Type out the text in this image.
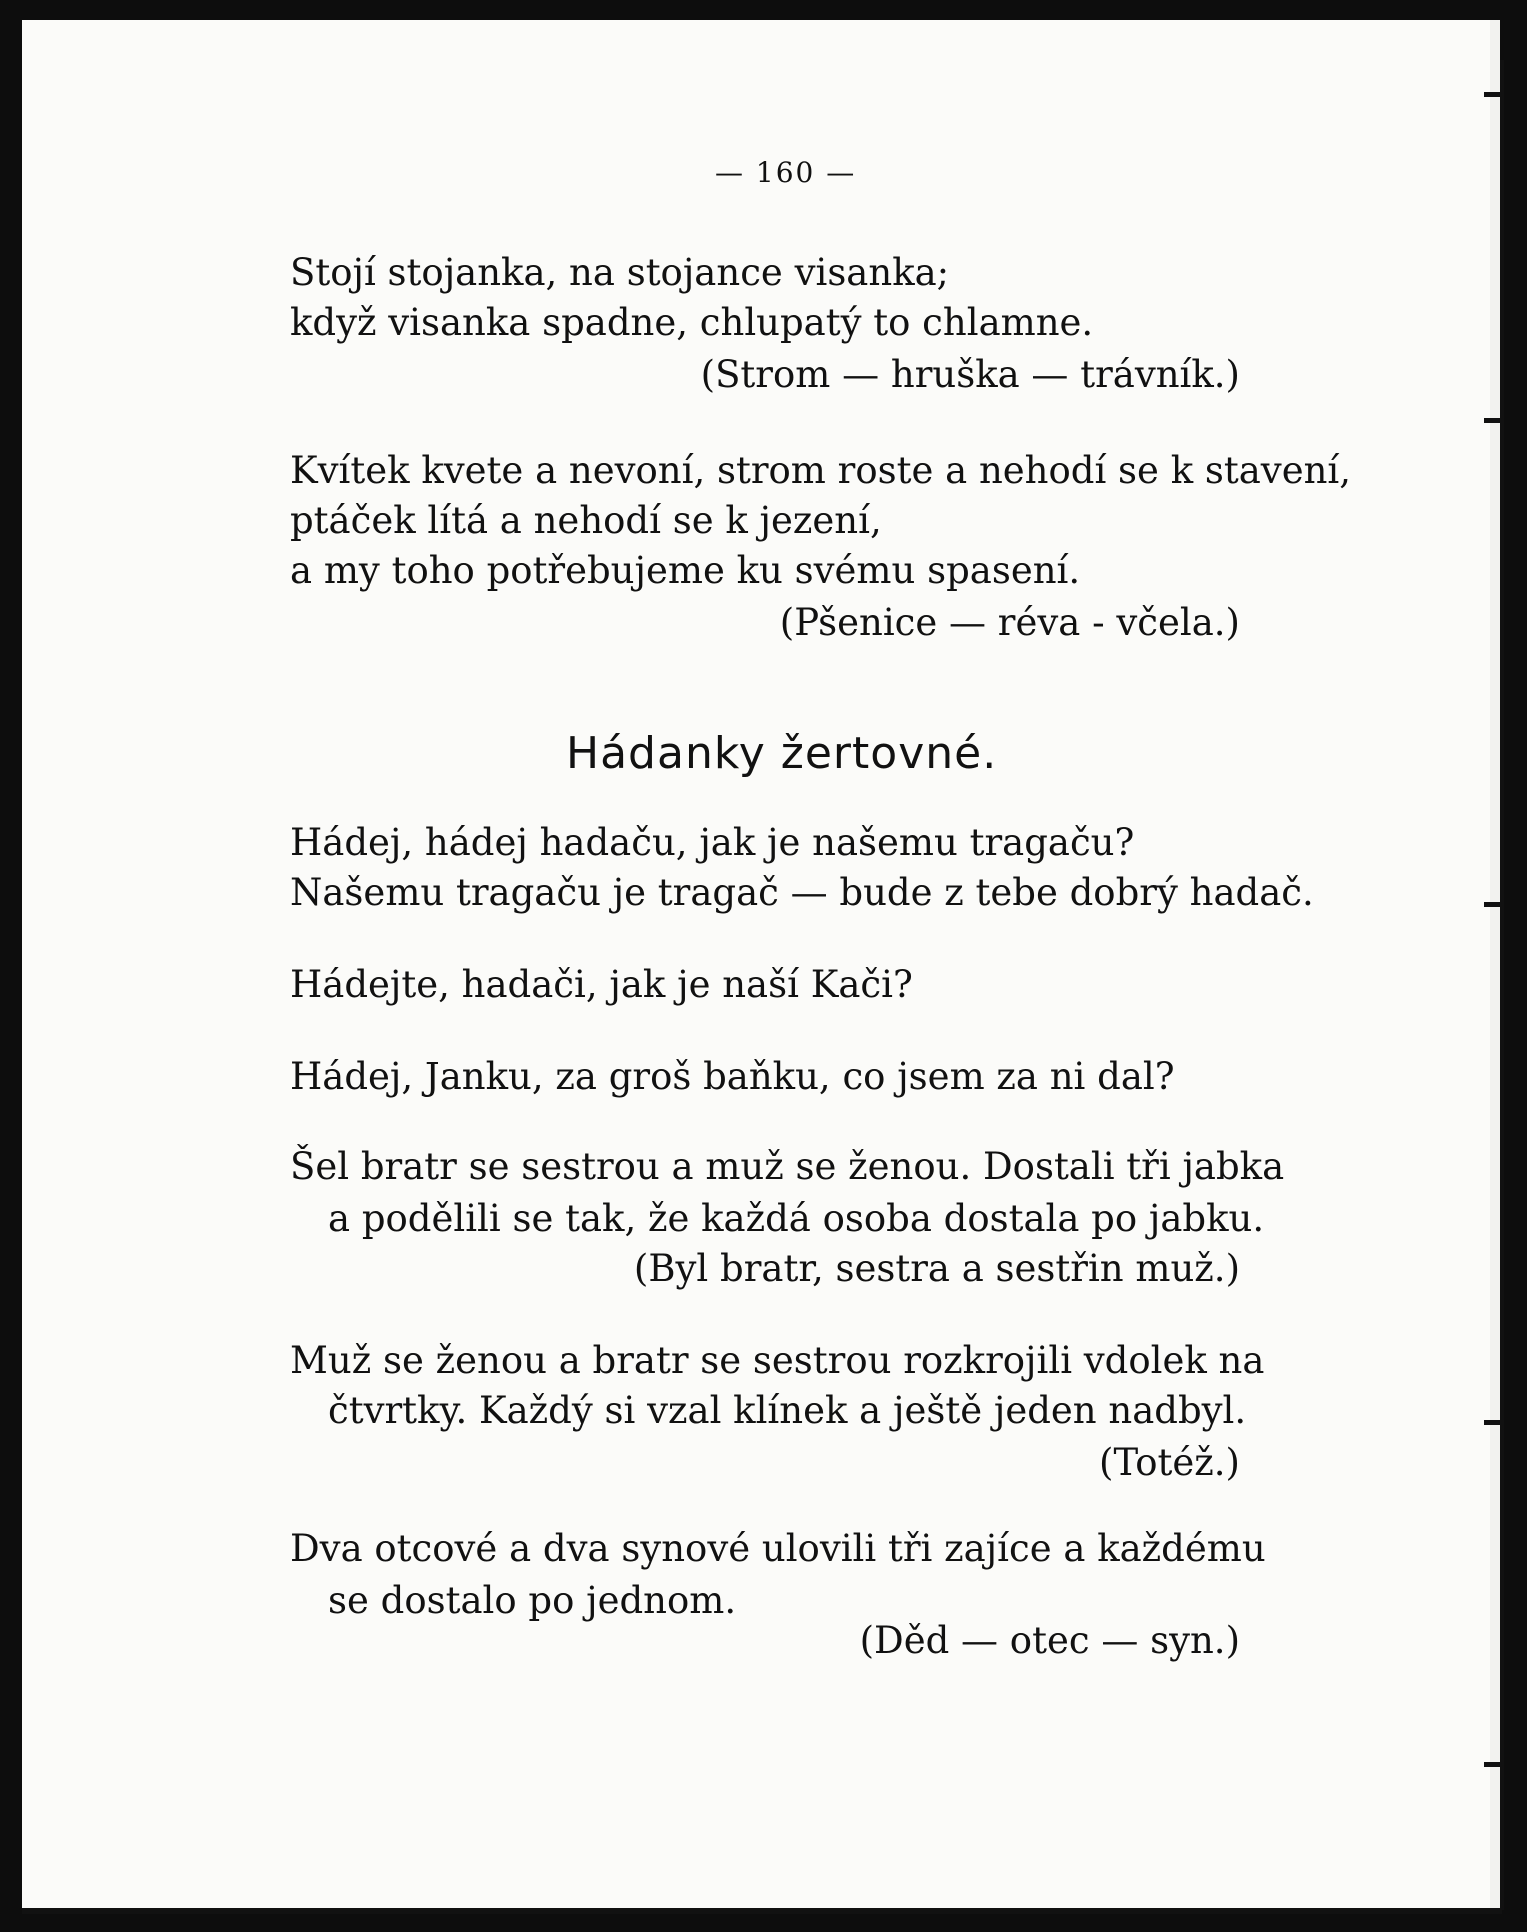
— 160 —
Stojí stojanka, na stojance visanka;
když visanka spadne, chlupatý to chlamne.
(Strom — hruška — trávník.)
Kvítek kvete a nevoní, strom roste a nehodí se k stavení,
ptáček lítá a nehodí se k jezení,
a my toho potřebujeme ku svému spasení.
(Pšenice — réva - včela.)
Hádanky žertovné.
Hádej, hádej hadaču, jak je našemu tragaču?
Našemu tragaču je tragač — bude z tebe dobrý hadač.
Hádejte, hadači, jak je naší Kači?
Hádej, Janku, za groš baňku, co jsem za ni dal?
Šel bratr se sestrou a muž se ženou. Dostali tři jabka
a podělili se tak, že každá osoba dostala po jabku.
(Byl bratr, sestra a sestřin muž.)
Muž se ženou a bratr se sestrou rozkrojili vdolek na
čtvrtky. Každý si vzal klínek a ještě jeden nadbyl.
(Totéž.)
Dva otcové a dva synové ulovili tři zajíce a každému
se dostalo po jednom.
(Děd — otec — syn.)
